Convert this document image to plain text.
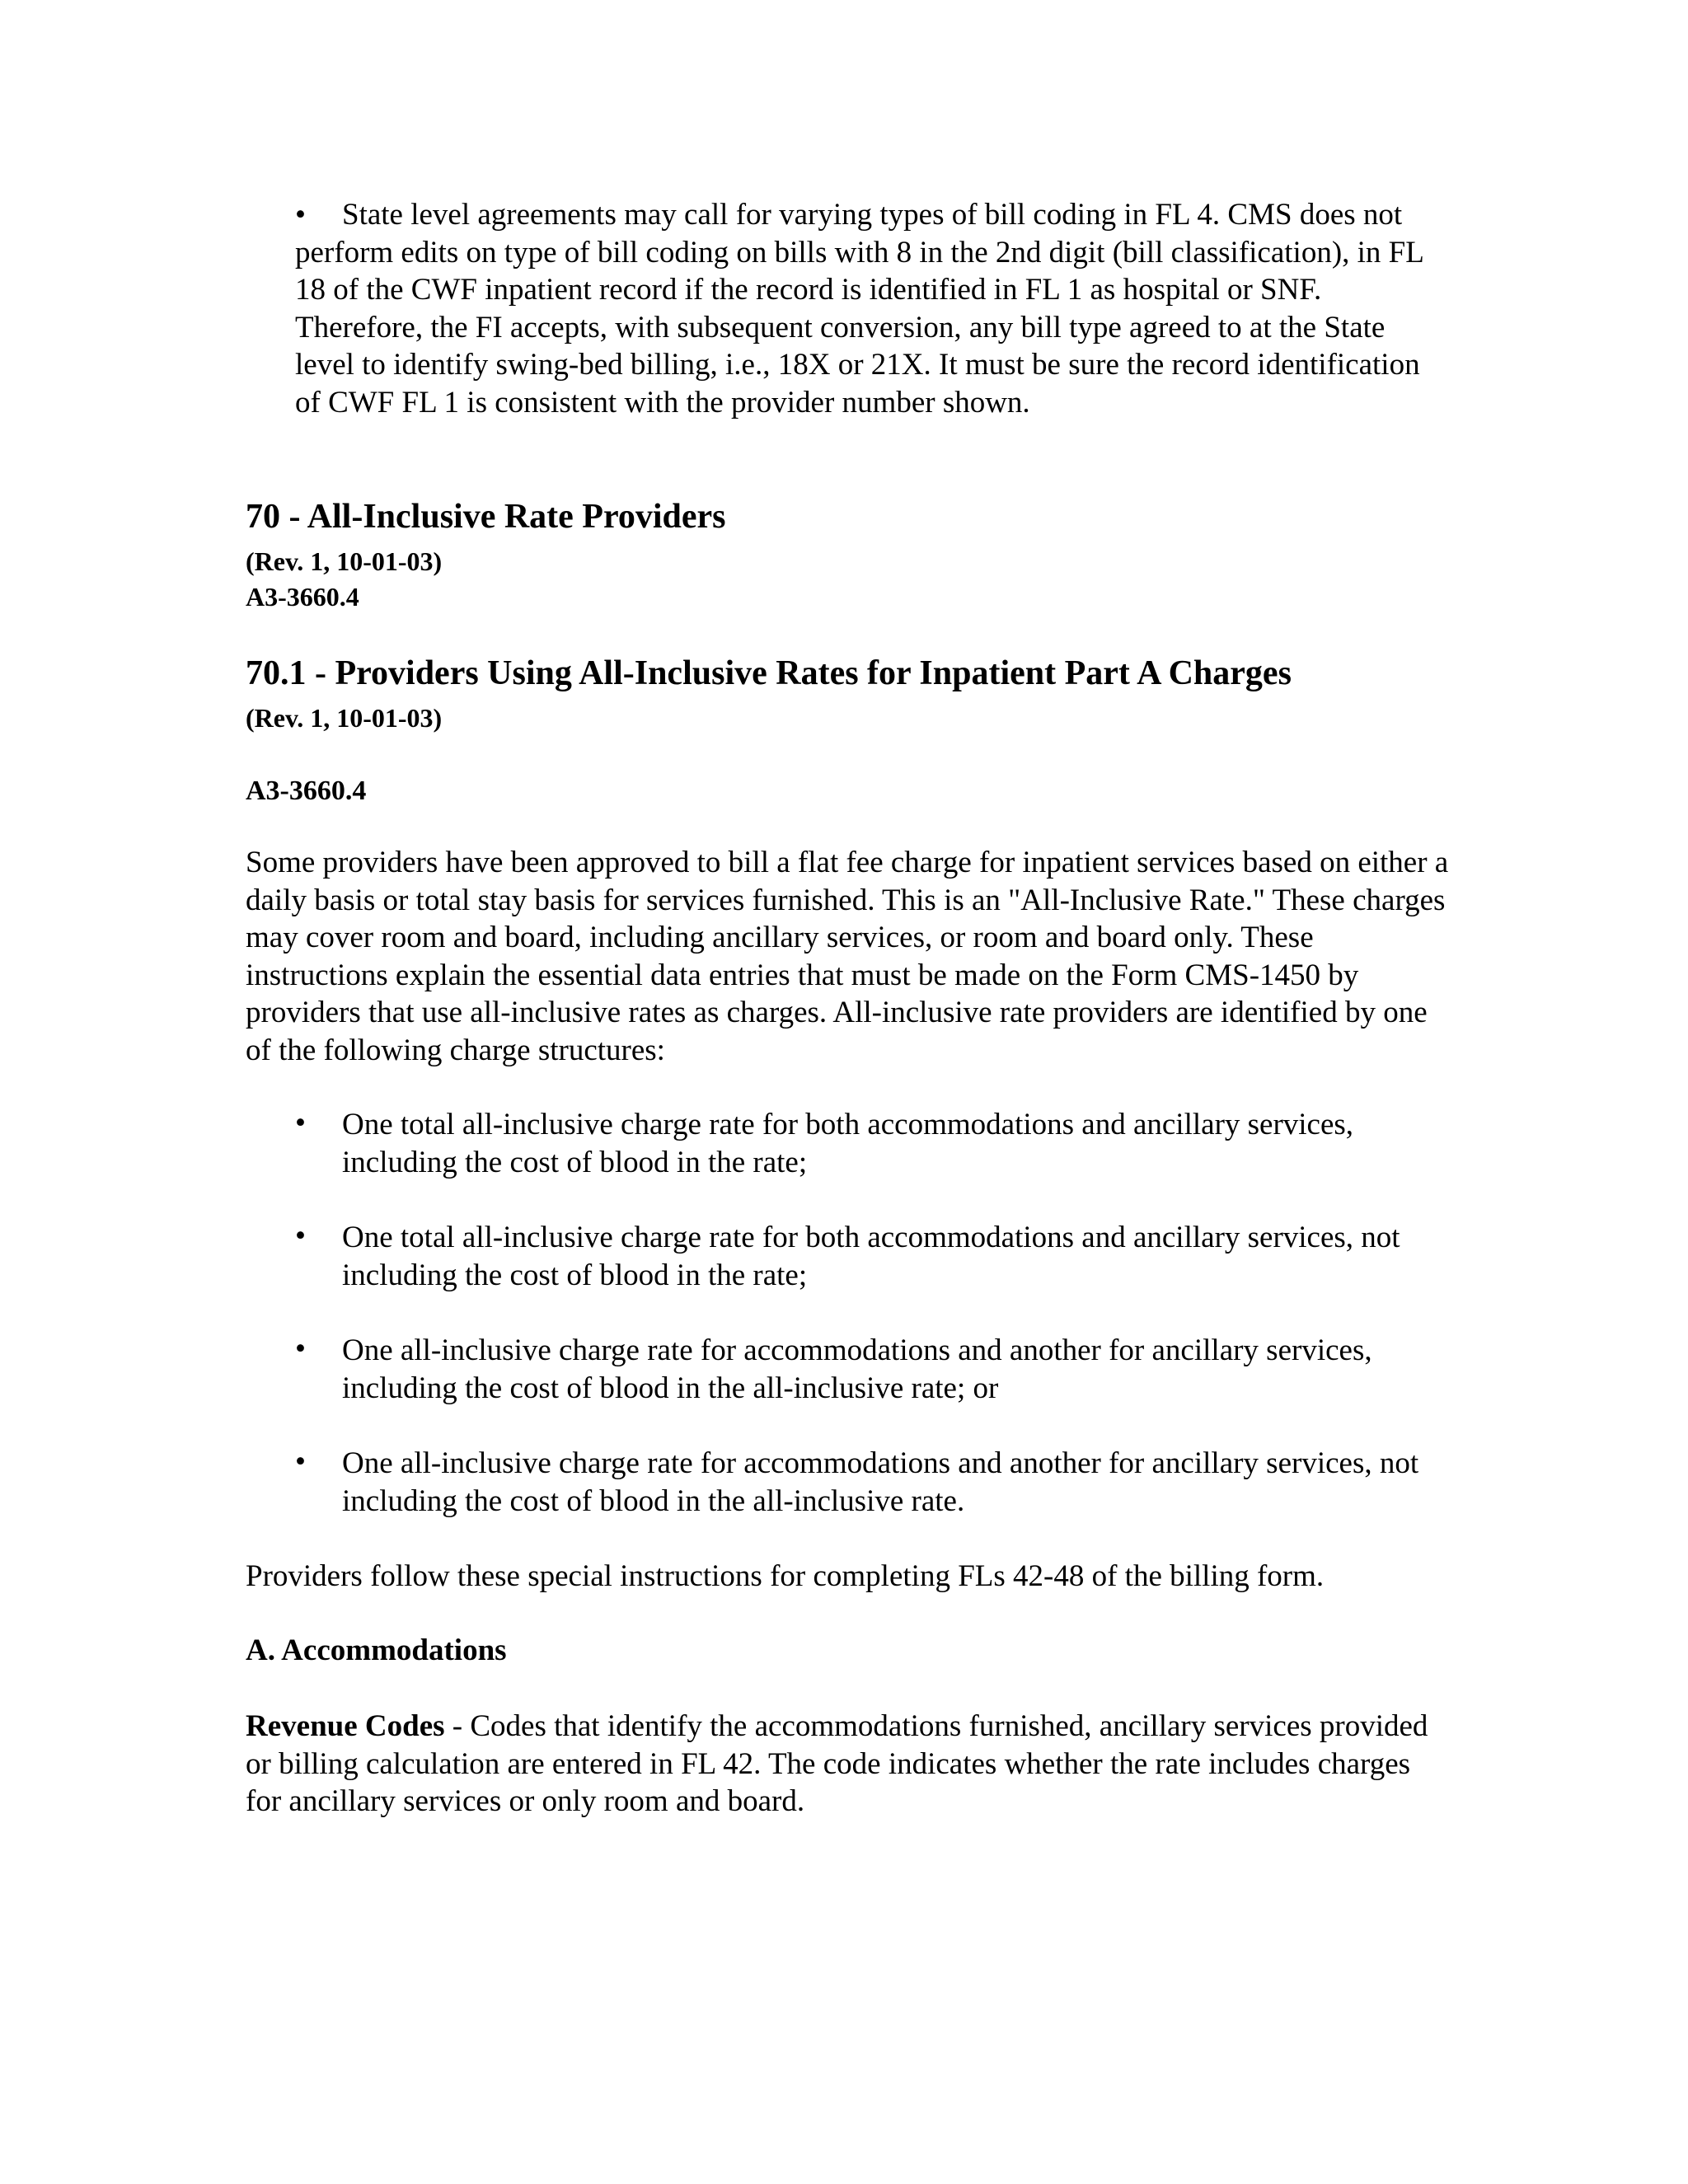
•	State level agreements may call for varying types of bill coding in FL 4. CMS does not perform edits on type of bill coding on bills with 8 in the 2nd digit (bill classification), in FL 18 of the CWF inpatient record if the record is identified in FL 1 as hospital or SNF. Therefore, the FI accepts, with subsequent conversion, any bill type agreed to at the State level to identify swing-bed billing, i.e., 18X or 21X. It must be sure the record identification of CWF FL 1 is consistent with the provider number shown.
70 - All-Inclusive Rate Providers
(Rev. 1, 10-01-03)
A3-3660.4
70.1 - Providers Using All-Inclusive Rates for Inpatient Part A Charges
(Rev. 1, 10-01-03)
A3-3660.4

Some providers have been approved to bill a flat fee charge for inpatient services based on either a daily basis or total stay basis for services furnished. This is an "All-Inclusive Rate." These charges may cover room and board, including ancillary services, or room and board only. These instructions explain the essential data entries that must be made on the Form CMS-1450 by providers that use all-inclusive rates as charges. All-inclusive rate providers are identified by one of the following charge structures:

• One total all-inclusive charge rate for both accommodations and ancillary services, including the cost of blood in the rate;
• One total all-inclusive charge rate for both accommodations and ancillary services, not including the cost of blood in the rate;
• One all-inclusive charge rate for accommodations and another for ancillary services, including the cost of blood in the all-inclusive rate; or
• One all-inclusive charge rate for accommodations and another for ancillary services, not including the cost of blood in the all-inclusive rate.

Providers follow these special instructions for completing FLs 42-48 of the billing form.

A. Accommodations

Revenue Codes - Codes that identify the accommodations furnished, ancillary services provided or billing calculation are entered in FL 42. The code indicates whether the rate includes charges for ancillary services or only room and board.
